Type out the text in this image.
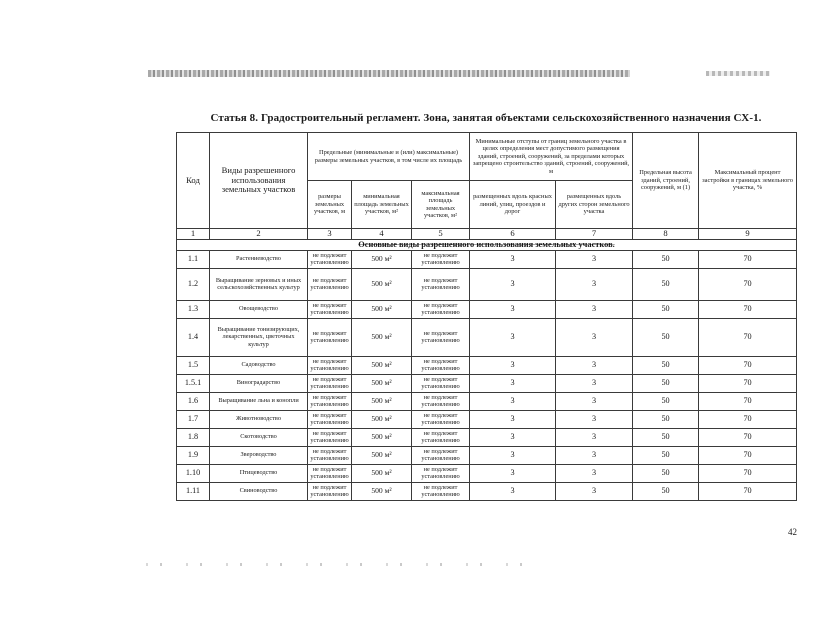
Статья 8. Градостроительный регламент. Зона, занятая объектами сельскохозяйственного назначения СХ-1.
Код	Виды разрешенного использования земельных участков	Предельные (минимальные и (или) максимальные) размеры земельных участков, в том числе их площадь			Минимальные отступы от границ земельного участка в целях определения мест допустимого размещения зданий, строений, сооружений, за пределами которых запрещено строительство зданий, строений, сооружений, м		Предельная высота зданий, строений, сооружений, м (1)	Максимальный процент застройки в границах земельного участка, %
		размеры земельных участков, м	минимальная площадь земельных участков, м²	максимальная площадь земельных участков, м²	размещенных вдоль красных линий, улиц, проездов и дорог	размещенных вдоль других сторон земельного участка		
1	2	3	4	5	6	7	8	9
Основные виды разрешенного использования земельных участков.								
1.1	Растениеводство	не подлежит установлению	500 м²	не подлежит установлению	3	3	50	70
1.2	Выращивание зерновых и иных сельскохозяйственных культур	не подлежит установлению	500 м²	не подлежит установлению	3	3	50	70
1.3	Овощеводство	не подлежит установлению	500 м²	не подлежит установлению	3	3	50	70
1.4	Выращивание тонизирующих, лекарственных, цветочных культур	не подлежит установлению	500 м²	не подлежит установлению	3	3	50	70
1.5	Садоводство	не подлежит установлению	500 м²	не подлежит установлению	3	3	50	70
1.5.1	Виноградарство	не подлежит установлению	500 м²	не подлежит установлению	3	3	50	70
1.6	Выращивание льна и конопли	не подлежит установлению	500 м²	не подлежит установлению	3	3	50	70
1.7	Животноводство	не подлежит установлению	500 м²	не подлежит установлению	3	3	50	70
1.8	Скотоводство	не подлежит установлению	500 м²	не подлежит установлению	3	3	50	70
1.9	Звероводство	не подлежит установлению	500 м²	не подлежит установлению	3	3	50	70
1.10	Птицеводство	не подлежит установлению	500 м²	не подлежит установлению	3	3	50	70
1.11	Свиноводство	не подлежит установлению	500 м²	не подлежит установлению	3	3	50	70
42
